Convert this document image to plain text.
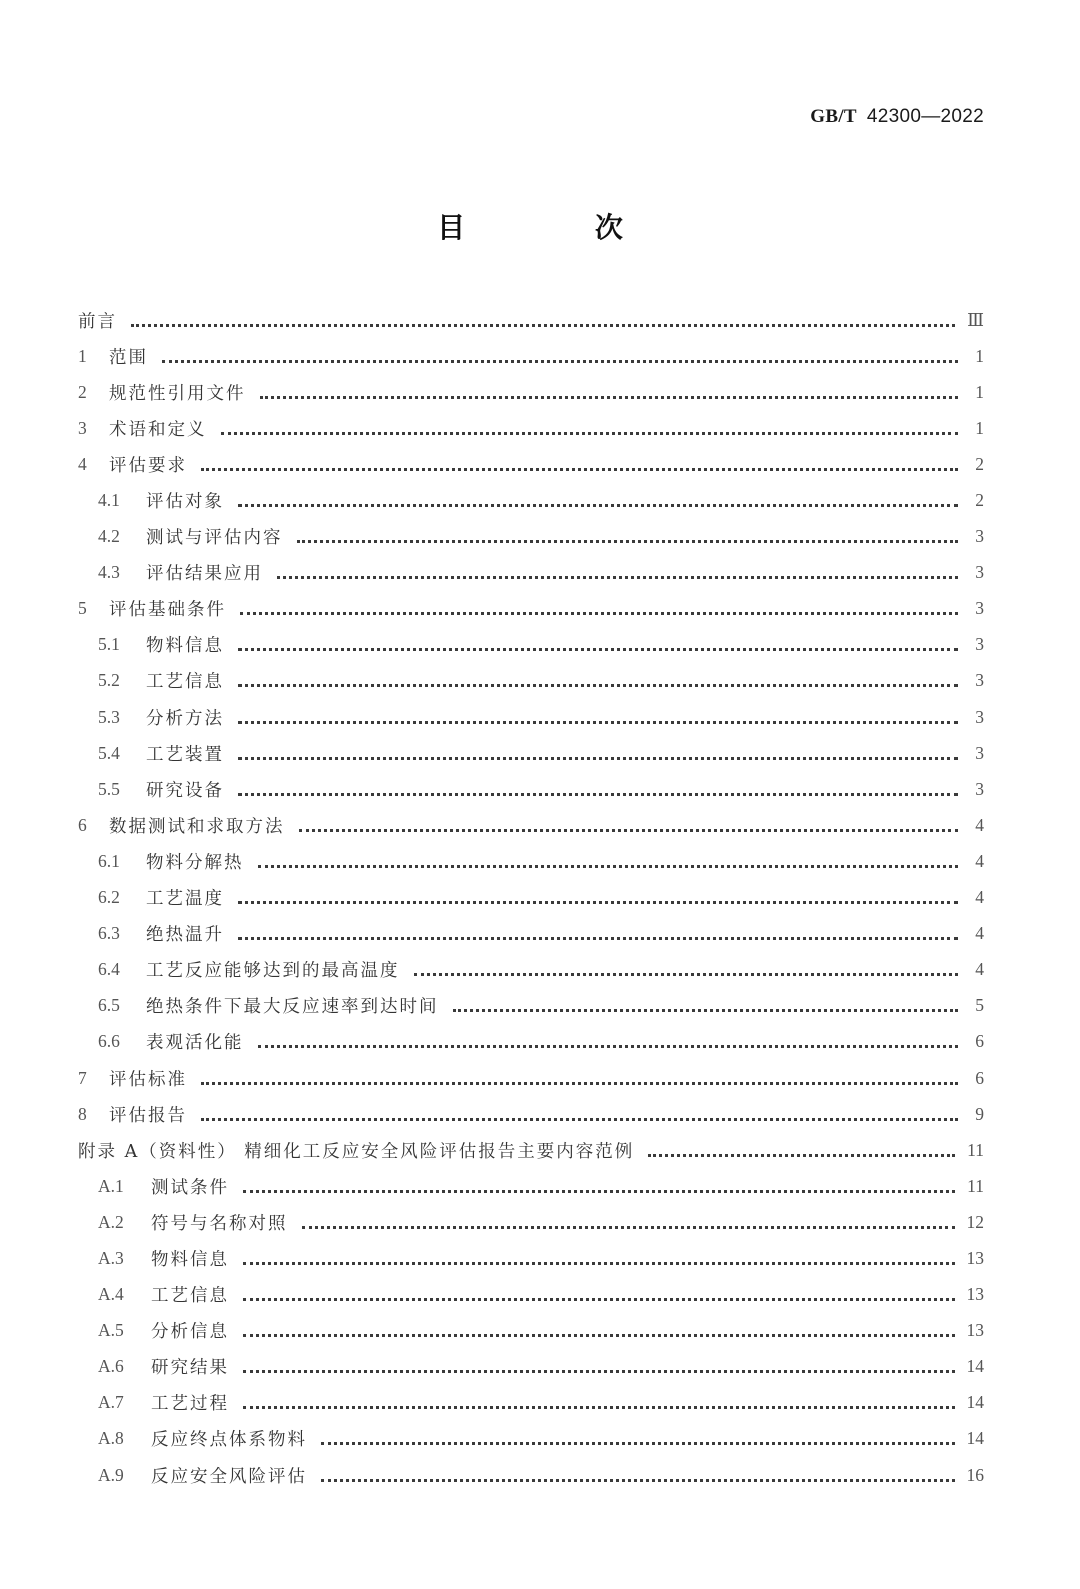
GB/T 42300—2022
目 次
前言	Ⅲ
1	范围	1
2	规范性引用文件	1
3	术语和定义	1
4	评估要求	2
4.1	评估对象	2
4.2	测试与评估内容	3
4.3	评估结果应用	3
5	评估基础条件	3
5.1	物料信息	3
5.2	工艺信息	3
5.3	分析方法	3
5.4	工艺装置	3
5.5	研究设备	3
6	数据测试和求取方法	4
6.1	物料分解热	4
6.2	工艺温度	4
6.3	绝热温升	4
6.4	工艺反应能够达到的最高温度	4
6.5	绝热条件下最大反应速率到达时间	5
6.6	表观活化能	6
7	评估标准	6
8	评估报告	9
附录 A（资料性） 精细化工反应安全风险评估报告主要内容范例	11
A.1	测试条件	11
A.2	符号与名称对照	12
A.3	物料信息	13
A.4	工艺信息	13
A.5	分析信息	13
A.6	研究结果	14
A.7	工艺过程	14
A.8	反应终点体系物料	14
A.9	反应安全风险评估	16
